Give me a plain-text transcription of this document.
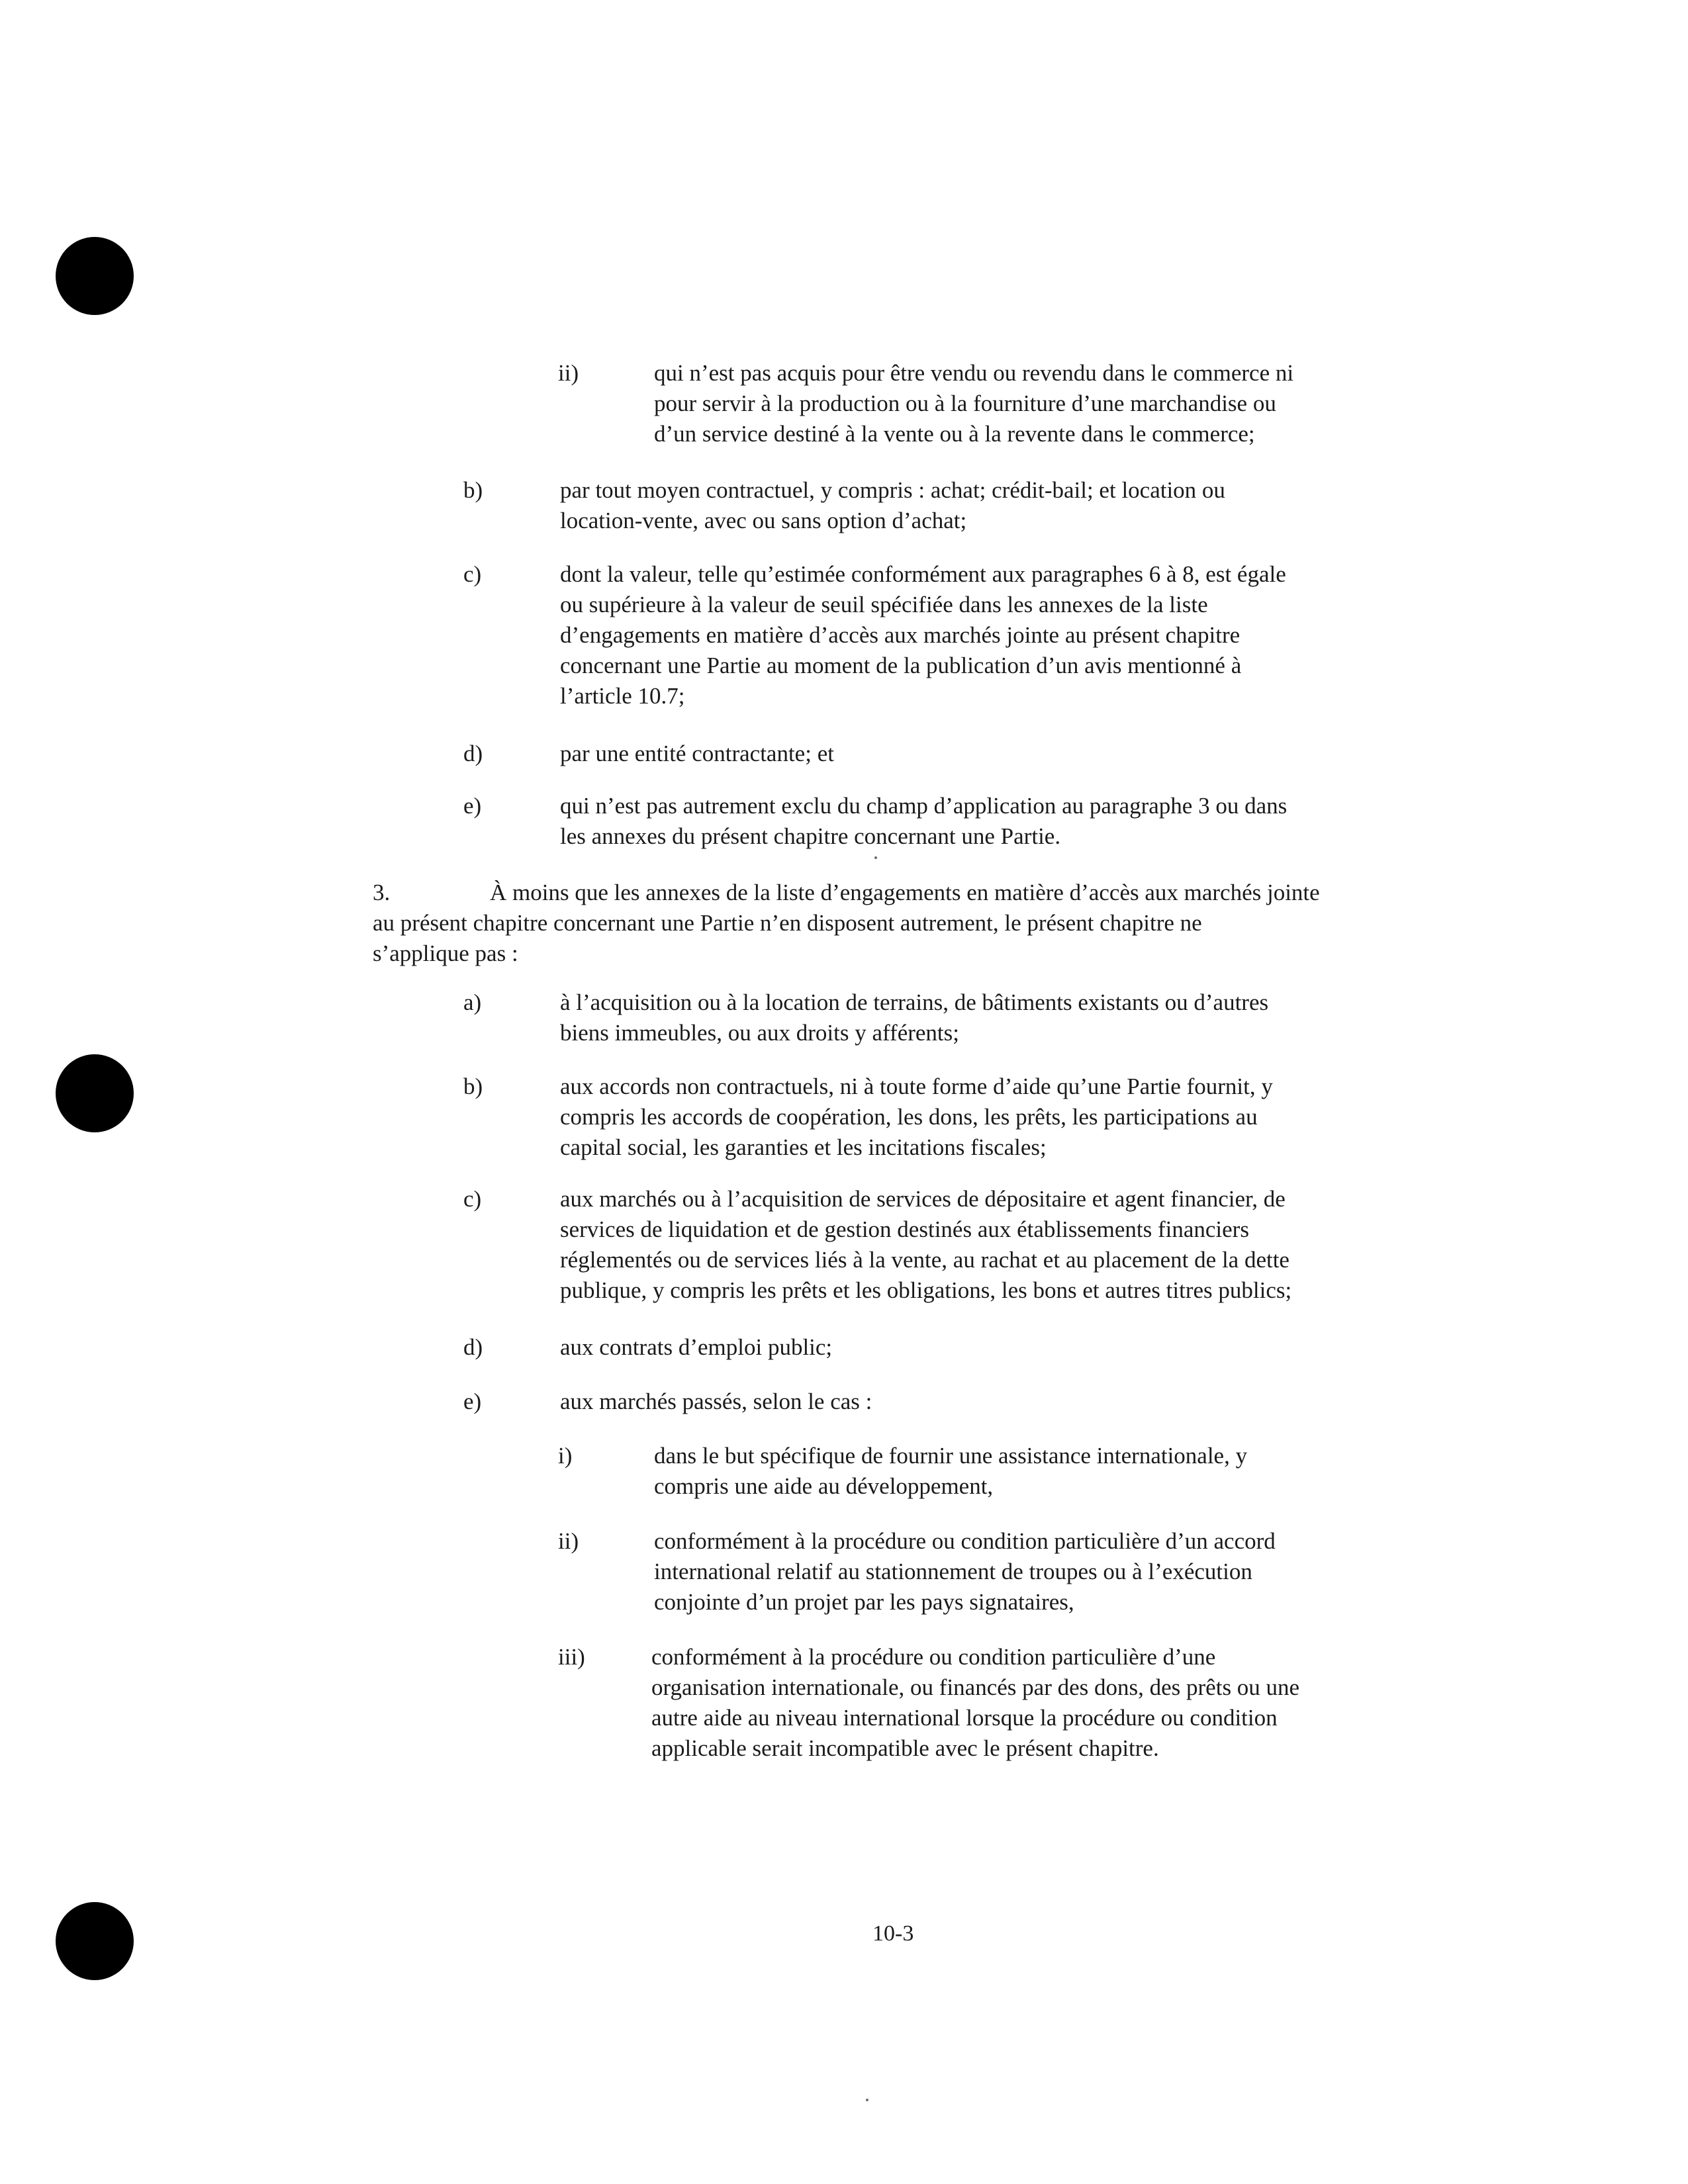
ii)	qui n’est pas acquis pour être vendu ou revendu dans le commerce ni
pour servir à la production ou à la fourniture d’une marchandise ou
d’un service destiné à la vente ou à la revente dans le commerce;
b)	par tout moyen contractuel, y compris : achat; crédit-bail; et location ou
location-vente, avec ou sans option d’achat;
c)	dont la valeur, telle qu’estimée conformément aux paragraphes 6 à 8, est égale
ou supérieure à la valeur de seuil spécifiée dans les annexes de la liste
d’engagements en matière d’accès aux marchés jointe au présent chapitre
concernant une Partie au moment de la publication d’un avis mentionné à
l’article 10.7;
d)	par une entité contractante; et
e)	qui n’est pas autrement exclu du champ d’application au paragraphe 3 ou dans
les annexes du présent chapitre concernant une Partie.
3.	À moins que les annexes de la liste d’engagements en matière d’accès aux marchés jointe
au présent chapitre concernant une Partie n’en disposent autrement, le présent chapitre ne
s’applique pas :
a)	à l’acquisition ou à la location de terrains, de bâtiments existants ou d’autres
biens immeubles, ou aux droits y afférents;
b)	aux accords non contractuels, ni à toute forme d’aide qu’une Partie fournit, y
compris les accords de coopération, les dons, les prêts, les participations au
capital social, les garanties et les incitations fiscales;
c)	aux marchés ou à l’acquisition de services de dépositaire et agent financier, de
services de liquidation et de gestion destinés aux établissements financiers
réglementés ou de services liés à la vente, au rachat et au placement de la dette
publique, y compris les prêts et les obligations, les bons et autres titres publics;
d)	aux contrats d’emploi public;
e)	aux marchés passés, selon le cas :
i)	dans le but spécifique de fournir une assistance internationale, y
compris une aide au développement,
ii)	conformément à la procédure ou condition particulière d’un accord
international relatif au stationnement de troupes ou à l’exécution
conjointe d’un projet par les pays signataires,
iii)	conformément à la procédure ou condition particulière d’une
organisation internationale, ou financés par des dons, des prêts ou une
autre aide au niveau international lorsque la procédure ou condition
applicable serait incompatible avec le présent chapitre.
10-3
